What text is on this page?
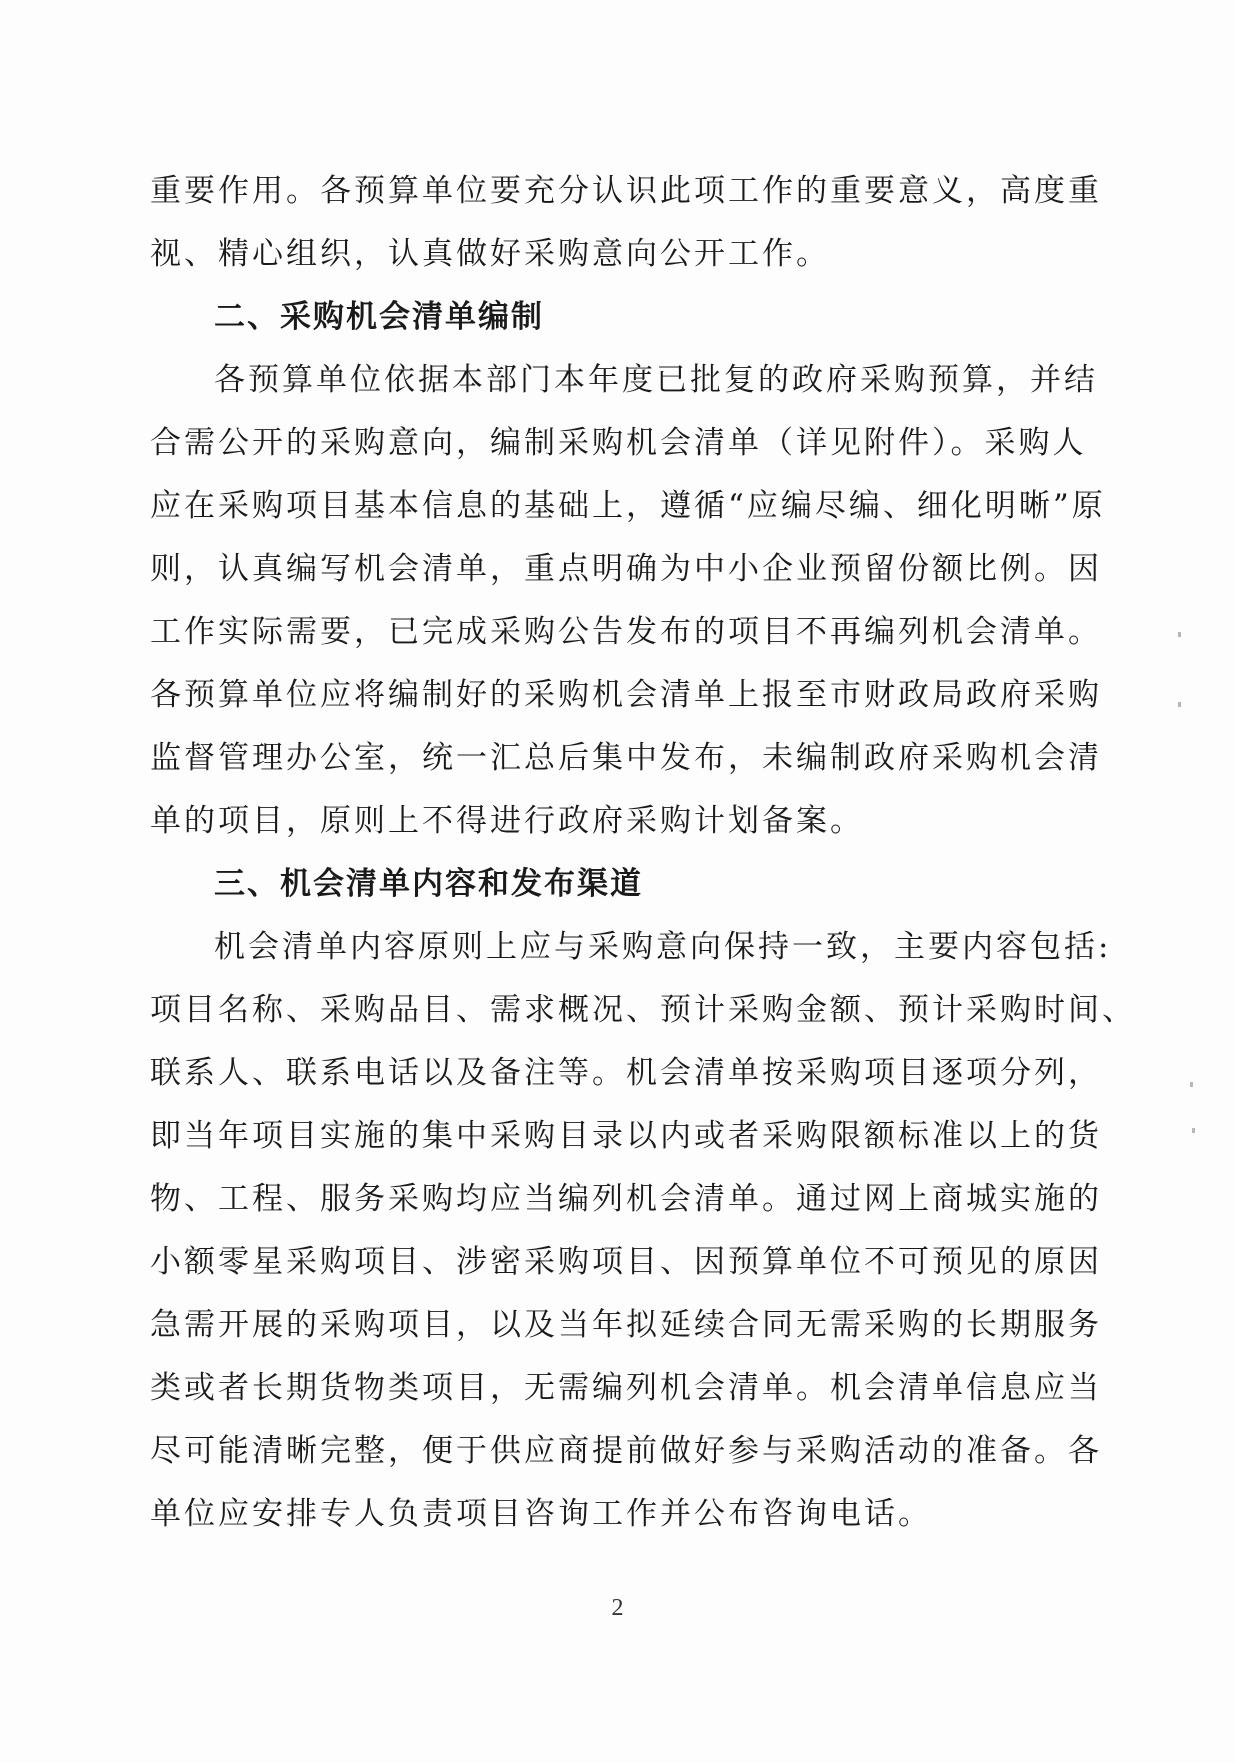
重要作用。各预算单位要充分认识此项工作的重要意义，高度重
视、精心组织，认真做好采购意向公开工作。
二、采购机会清单编制
各预算单位依据本部门本年度已批复的政府采购预算，并结
合需公开的采购意向，编制采购机会清单（详见附件）。采购人
应在采购项目基本信息的基础上，遵循“应编尽编、细化明晰”原
则，认真编写机会清单，重点明确为中小企业预留份额比例。因
工作实际需要，已完成采购公告发布的项目不再编列机会清单。
各预算单位应将编制好的采购机会清单上报至市财政局政府采购
监督管理办公室，统一汇总后集中发布，未编制政府采购机会清
单的项目，原则上不得进行政府采购计划备案。
三、机会清单内容和发布渠道
机会清单内容原则上应与采购意向保持一致，主要内容包括:
项目名称、采购品目、需求概况、预计采购金额、预计采购时间、
联系人、联系电话以及备注等。机会清单按采购项目逐项分列，
即当年项目实施的集中采购目录以内或者采购限额标准以上的货
物、工程、服务采购均应当编列机会清单。通过网上商城实施的
小额零星采购项目、涉密采购项目、因预算单位不可预见的原因
急需开展的采购项目，以及当年拟延续合同无需采购的长期服务
类或者长期货物类项目，无需编列机会清单。机会清单信息应当
尽可能清晰完整，便于供应商提前做好参与采购活动的准备。各
单位应安排专人负责项目咨询工作并公布咨询电话。
2
